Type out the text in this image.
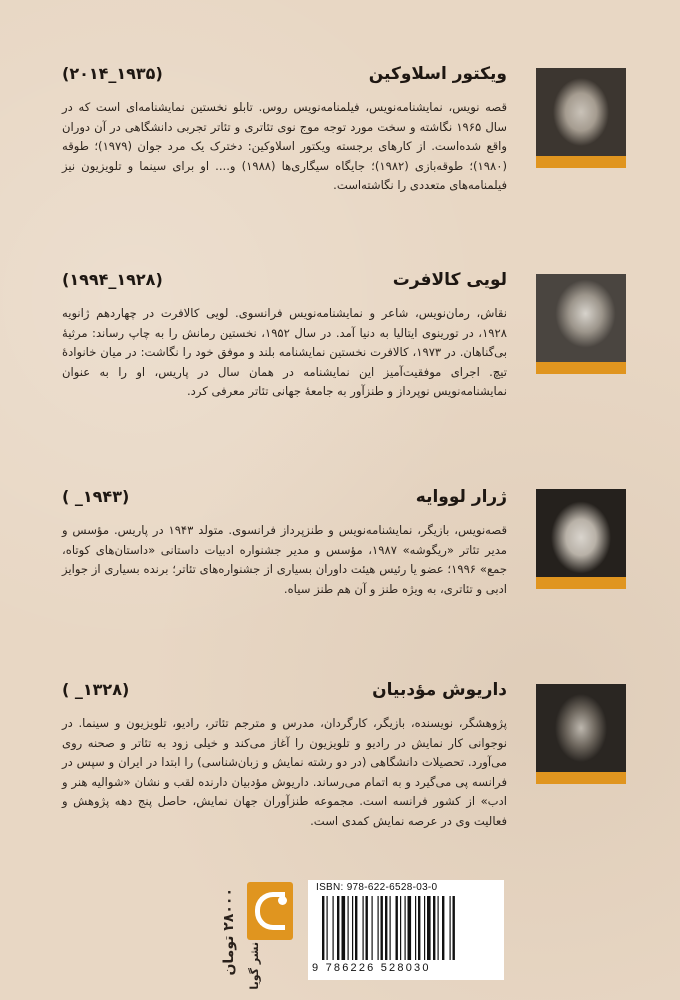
ویکتور اسلاوکین
(۱۹۳۵_۲۰۱۴)

قصه نویس، نمایشنامه‌نویس، فیلمنامه‌نویس روس. تابلو نخستین نمایشنامه‌ای است که در سال ۱۹۶۵ نگاشته و سخت مورد توجه موج نوی تئاتری و تئاتر تجربی دانشگاهی در آن دوران واقع شده‌است. از کارهای برجسته ویکتور اسلاوکین: دخترک یک مرد جوان (۱۹۷۹)؛ طوقه (۱۹۸۰)؛ طوقه‌بازی (۱۹۸۲)؛ جایگاه سیگاری‌ها (۱۹۸۸) و.... او برای سینما و تلویزیون نیز فیلمنامه‌های متعددی را نگاشته‌است.

لویی کالافرت
(۱۹۲۸_۱۹۹۴)

نقاش، رمان‌نویس، شاعر و نمایشنامه‌نویس فرانسوی. لویی کالافرت در چهاردهم ژانویه ۱۹۲۸، در تورینوی ایتالیا به دنیا آمد. در سال ۱۹۵۲، نخستین رمانش را به چاپ رساند: مرثیهٔ بی‌گناهان. در ۱۹۷۳، کالافرت نخستین نمایشنامه بلند و موفق خود را نگاشت: در میان خانوادهٔ تیچ. اجرای موفقیت‌آمیز این نمایشنامه در همان سال در پاریس، او را به عنوان نمایشنامه‌نویس نوپرداز و طنزآور به جامعهٔ جهانی تئاتر معرفی کرد.

ژرار لووایه
(۱۹۴۳_ )

قصه‌نویس، بازیگر، نمایشنامه‌نویس و طنزپرداز فرانسوی. متولد ۱۹۴۳ در پاریس. مؤسس و مدیر تئاتر «ریگوشه» ۱۹۸۷، مؤسس و مدیر جشنواره ادبیات داستانی «داستان‌های کوتاه، جمع» ۱۹۹۶؛ عضو یا رئیس هیئت داوران بسیاری از جشنواره‌های تئاتر؛ برنده بسیاری از جوایز ادبی و تئاتری، به ویژه طنز و آن هم طنز سیاه.

داریوش مؤدبیان
(۱۳۲۸_ )

پژوهشگر، نویسنده، بازیگر، کارگردان، مدرس و مترجم تئاتر، رادیو، تلویزیون و سینما. در نوجوانی کار نمایش در رادیو و تلویزیون را آغاز می‌کند و خیلی زود به تئاتر و صحنه روی می‌آورد. تحصیلات دانشگاهی (در دو رشته نمایش و زبان‌شناسی) را ابتدا در ایران و سپس در فرانسه پی می‌گیرد و به اتمام می‌رساند. داریوش مؤدبیان دارنده لقب و نشان «شوالیه هنر و ادب» از کشور فرانسه است. مجموعه طنزآوران جهان نمایش، حاصل پنج دهه پژوهش و فعالیت وی در عرصه نمایش کمدی است.

۲۸۰۰۰ تومان
نشر گویا
ISBN: 978-622-6528-03-0
9 786226 528030
